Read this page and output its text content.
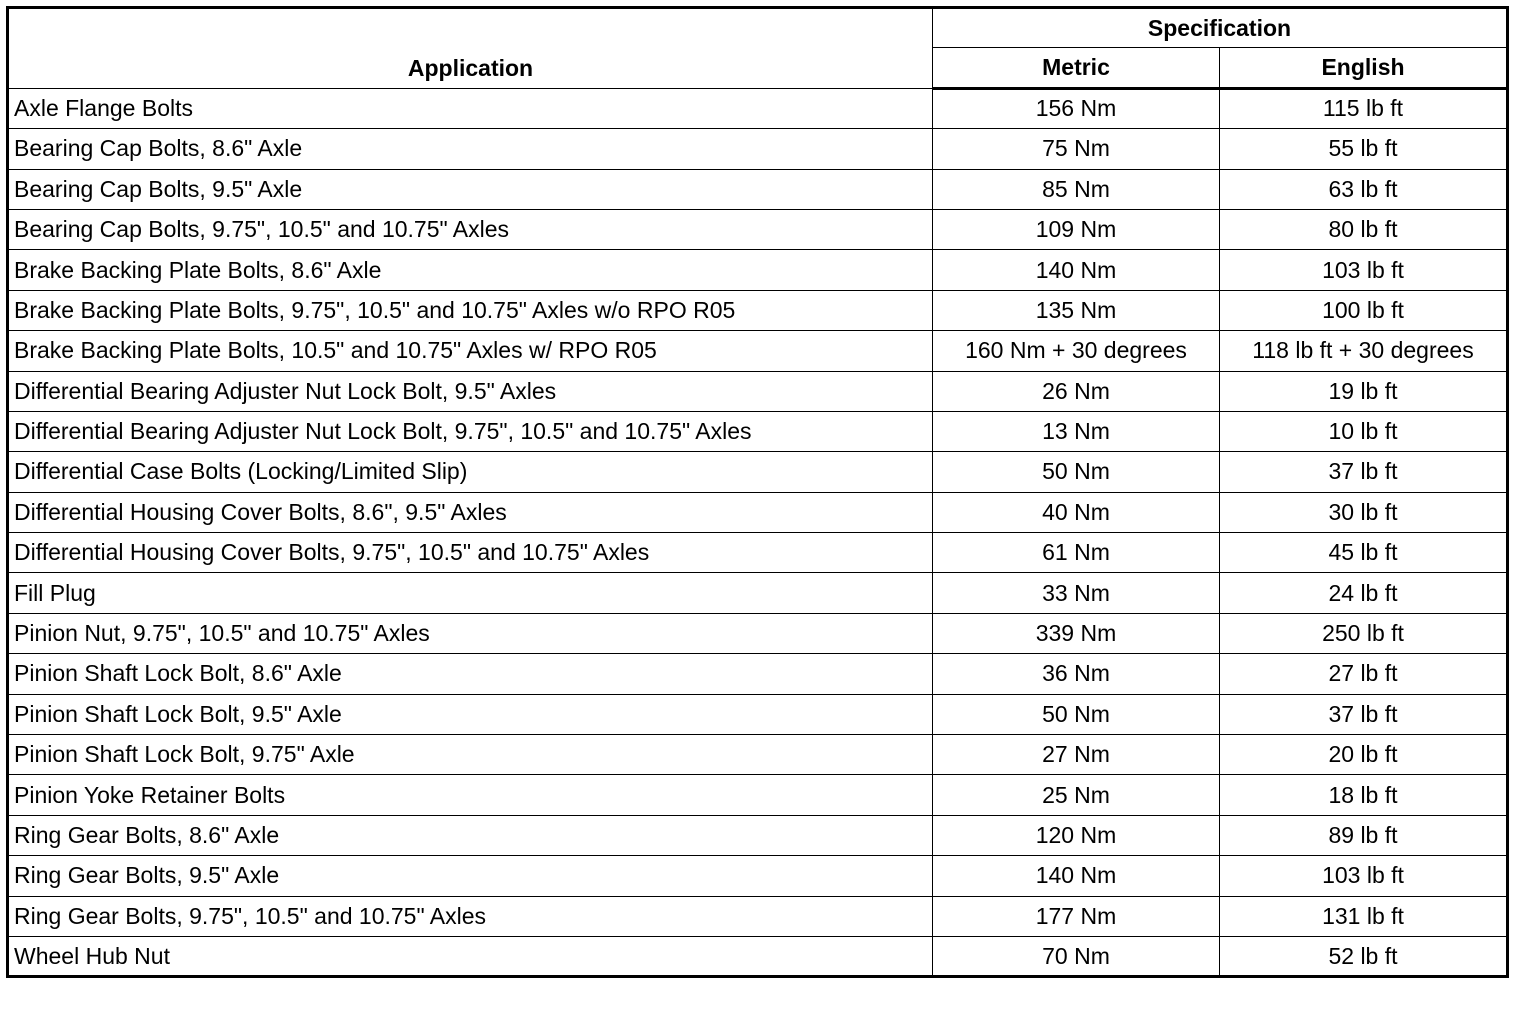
Application	Specification	
	Metric	English
Axle Flange Bolts	156 Nm	115 lb ft
Bearing Cap Bolts, 8.6" Axle	75 Nm	55 lb ft
Bearing Cap Bolts, 9.5" Axle	85 Nm	63 lb ft
Bearing Cap Bolts, 9.75", 10.5" and 10.75" Axles	109 Nm	80 lb ft
Brake Backing Plate Bolts, 8.6" Axle	140 Nm	103 lb ft
Brake Backing Plate Bolts, 9.75", 10.5" and 10.75" Axles w/o RPO R05	135 Nm	100 lb ft
Brake Backing Plate Bolts, 10.5" and 10.75" Axles w/ RPO R05	160 Nm + 30 degrees	118 lb ft + 30 degrees
Differential Bearing Adjuster Nut Lock Bolt, 9.5" Axles	26 Nm	19 lb ft
Differential Bearing Adjuster Nut Lock Bolt, 9.75", 10.5" and 10.75" Axles	13 Nm	10 lb ft
Differential Case Bolts (Locking/Limited Slip)	50 Nm	37 lb ft
Differential Housing Cover Bolts, 8.6", 9.5" Axles	40 Nm	30 lb ft
Differential Housing Cover Bolts, 9.75", 10.5" and 10.75" Axles	61 Nm	45 lb ft
Fill Plug	33 Nm	24 lb ft
Pinion Nut, 9.75", 10.5" and 10.75" Axles	339 Nm	250 lb ft
Pinion Shaft Lock Bolt, 8.6" Axle	36 Nm	27 lb ft
Pinion Shaft Lock Bolt, 9.5" Axle	50 Nm	37 lb ft
Pinion Shaft Lock Bolt, 9.75" Axle	27 Nm	20 lb ft
Pinion Yoke Retainer Bolts	25 Nm	18 lb ft
Ring Gear Bolts, 8.6" Axle	120 Nm	89 lb ft
Ring Gear Bolts, 9.5" Axle	140 Nm	103 lb ft
Ring Gear Bolts, 9.75", 10.5" and 10.75" Axles	177 Nm	131 lb ft
Wheel Hub Nut	70 Nm	52 lb ft
